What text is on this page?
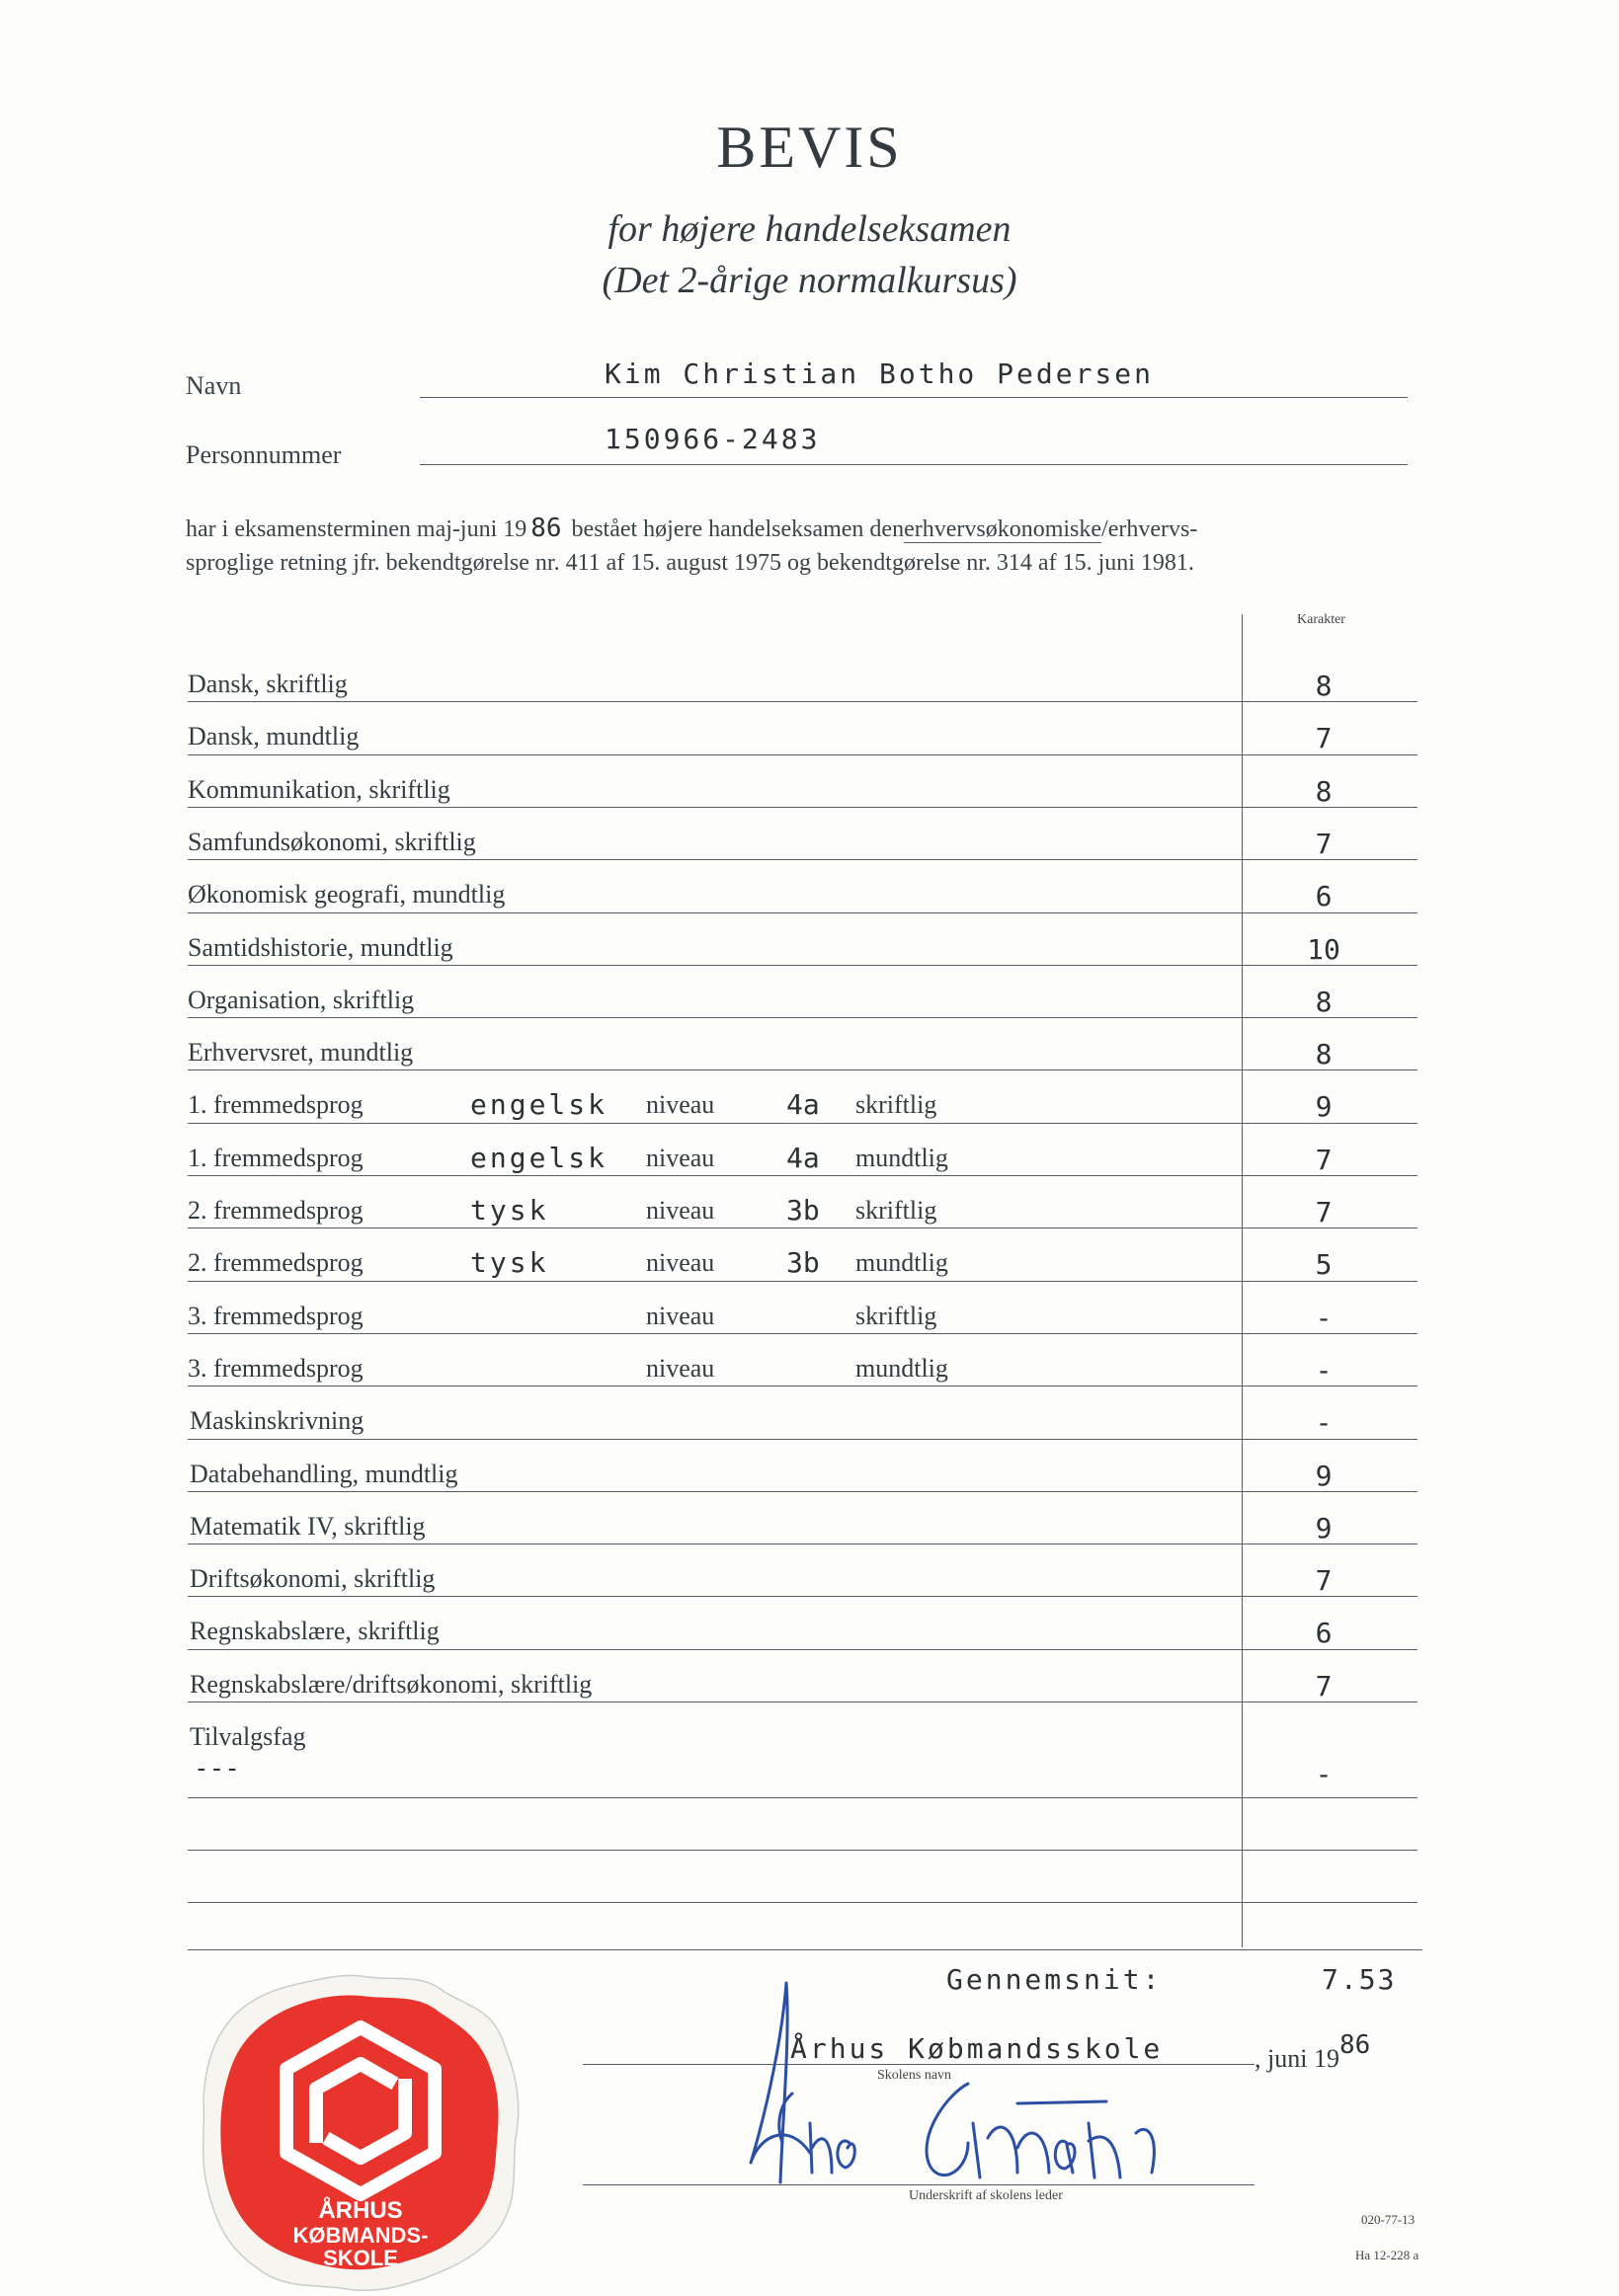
BEVIS
for højere handelseksamen
(Det 2-årige normalkursus)
Navn	Kim Christian Botho Pedersen
Personnummer	150966-2483
har i eksamensterminen maj-juni 19 86 bestået højere handelseksamen denerhvervsøkonomiske/erhvervs-
sproglige retning jfr. bekendtgørelse nr. 411 af 15. august 1975 og bekendtgørelse nr. 314 af 15. juni 1981.
Karakter
Dansk, skriftlig	8
Dansk, mundtlig	7
Kommunikation, skriftlig	8
Samfundsøkonomi, skriftlig	7
Økonomisk geografi, mundtlig	6
Samtidshistorie, mundtlig	10
Organisation, skriftlig	8
Erhvervsret, mundtlig	8
1. fremmedsprog	engelsk niveau	4a skriftlig	9
1. fremmedsprog	engelsk niveau	4a mundtlig	7
2. fremmedsprog	tysk	niveau	3b skriftlig	7
2. fremmedsprog	tysk	niveau	3b mundtlig	5
3. fremmedsprog	niveau	skriftlig	-
3. fremmedsprog	niveau	mundtlig	-
Maskinskrivning	-
Databehandling, mundtlig	9
Matematik IV, skriftlig	9
Driftsøkonomi, skriftlig	7
Regnskabslære, skriftlig	6
Regnskabslære/driftsøkonomi, skriftlig	7
Tilvalgsfag
---	-
Gennemsnit:	7.53
Århus Købmandsskole
Skolens navn
, juni 1986
Underskrift af skolens leder
020-77-13
Ha 12-228 a
ÅRHUS
KØBMANDS-
SKOLE
